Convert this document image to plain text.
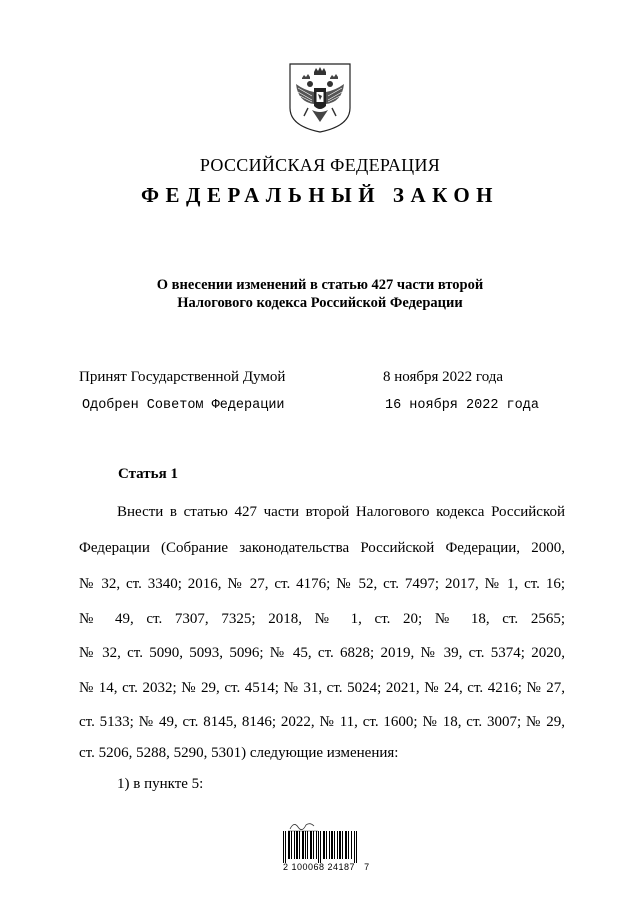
РОССИЙСКАЯ ФЕДЕРАЦИЯ
ФЕДЕРАЛЬНЫЙ ЗАКОН
О внесении изменений в статью 427 части второй
Налогового кодекса Российской Федерации
Принят Государственной Думой	8 ноября 2022 года
Одобрен Советом Федерации	16 ноября 2022 года
Статья 1
Внести в статью 427 части второй Налогового кодекса Российской
Федерации (Собрание законодательства Российской Федерации, 2000,
№ 32, ст. 3340; 2016, № 27, ст. 4176; № 52, ст. 7497; 2017, № 1, ст. 16;
№ 49, ст. 7307, 7325; 2018, № 1, ст. 20; № 18, ст. 2565;
№ 32, ст. 5090, 5093, 5096; № 45, ст. 6828; 2019, № 39, ст. 5374; 2020,
№ 14, ст. 2032; № 29, ст. 4514; № 31, ст. 5024; 2021, № 24, ст. 4216; № 27,
ст. 5133; № 49, ст. 8145, 8146; 2022, № 11, ст. 1600; № 18, ст. 3007; № 29,
ст. 5206, 5288, 5290, 5301) следующие изменения:
1) в пункте 5:
2 100068 24187   7
